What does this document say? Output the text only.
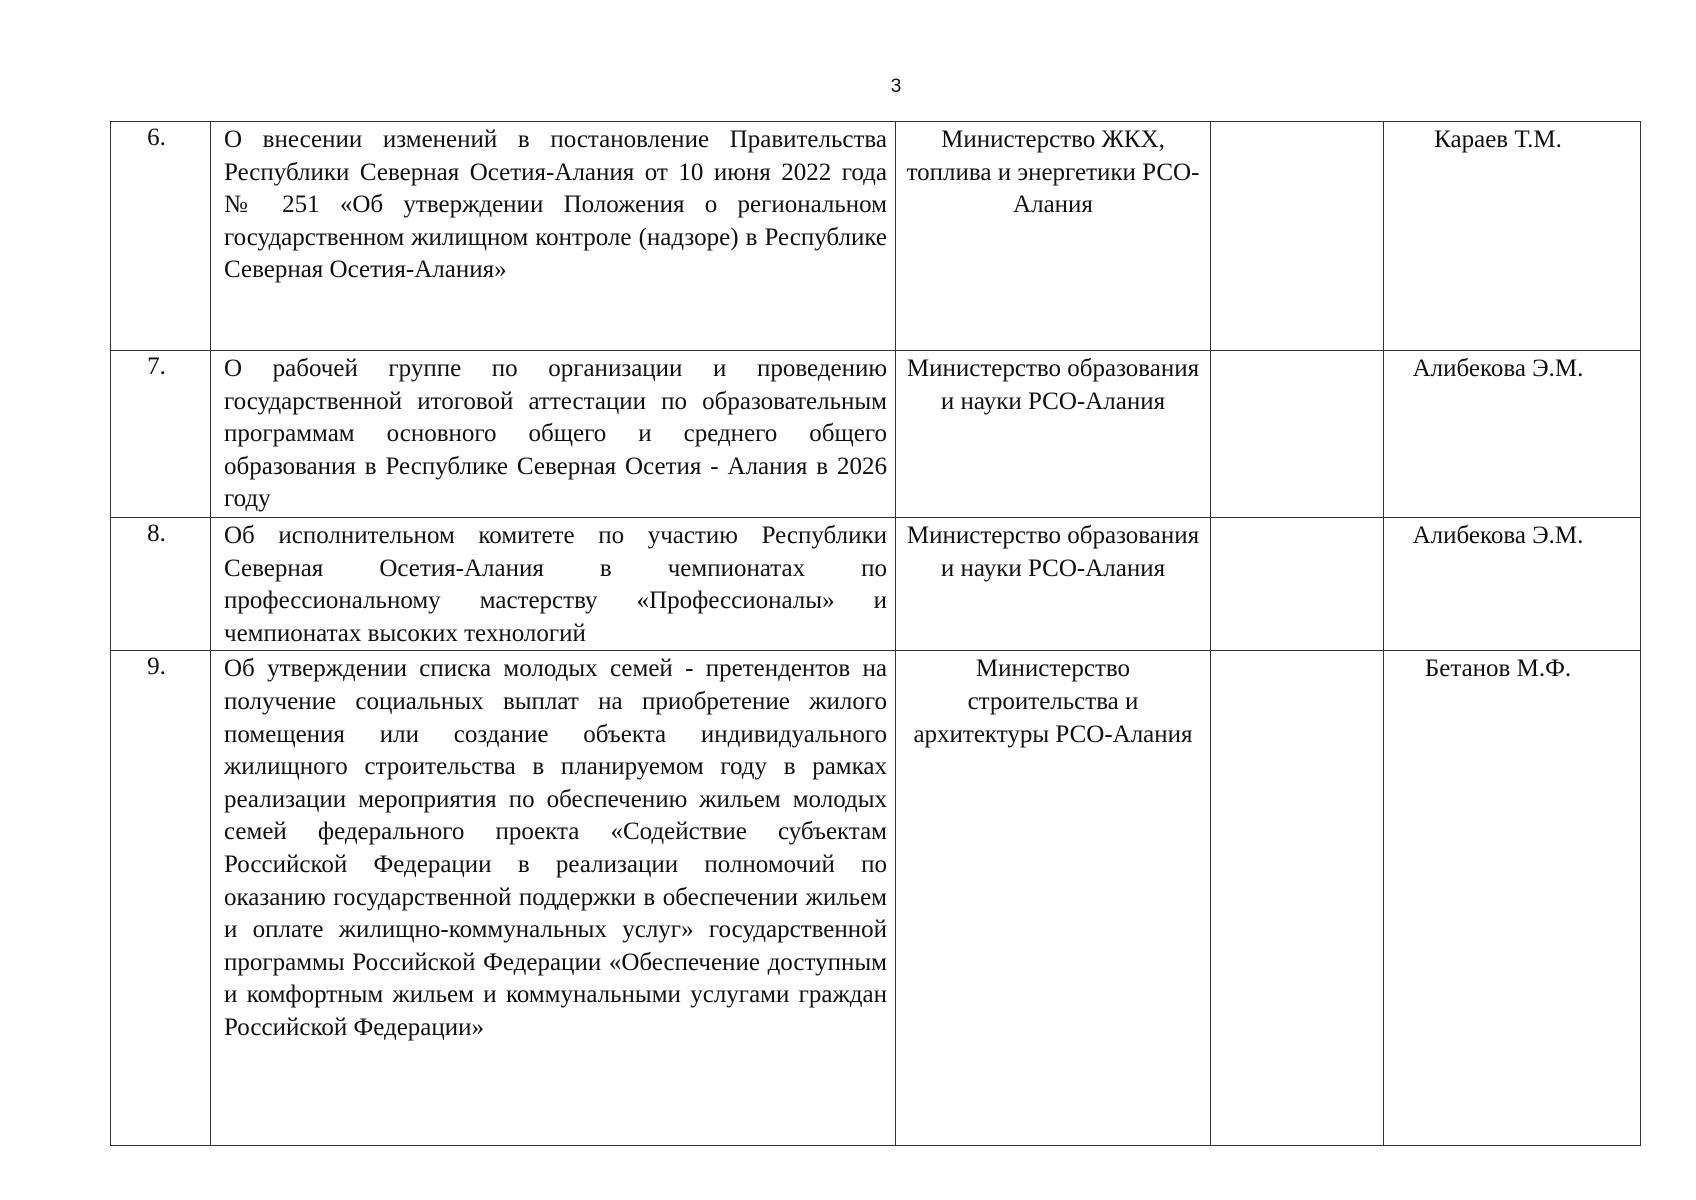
3
6.	О внесении изменений в постановление Правительства Республики Северная Осетия-Алания от 10 июня 2022 года № 251 «Об утверждении Положения о региональном государственном жилищном контроле (надзоре) в Республике Северная Осетия-Алания»	Министерство ЖКХ, топлива и энергетики РСО-Алания		Караев Т.М.
7.	О рабочей группе по организации и проведению государственной итоговой аттестации по образовательным программам основного общего и среднего общего образования в Республике Северная Осетия - Алания в 2026 году	Министерство образования и науки РСО-Алания		Алибекова Э.М.
8.	Об исполнительном комитете по участию Республики Северная Осетия-Алания в чемпионатах по профессиональному мастерству «Профессионалы» и чемпионатах высоких технологий	Министерство образования и науки РСО-Алания		Алибекова Э.М.
9.	Об утверждении списка молодых семей - претендентов на получение социальных выплат на приобретение жилого помещения или создание объекта индивидуального жилищного строительства в планируемом году в рамках реализации мероприятия по обеспечению жильем молодых семей федерального проекта «Содействие субъектам Российской Федерации в реализации полномочий по оказанию государственной поддержки в обеспечении жильем и оплате жилищно-коммунальных услуг» государственной программы Российской Федерации «Обеспечение доступным и комфортным жильем и коммунальными услугами граждан Российской Федерации»	Министерство строительства и архитектуры РСО-Алания		Бетанов М.Ф.
